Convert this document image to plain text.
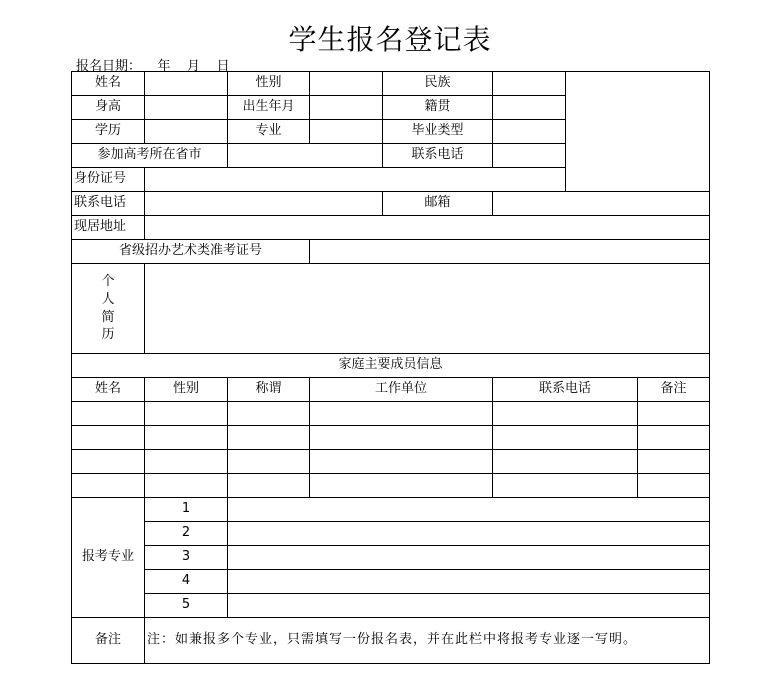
学生报名登记表
报名日期：    年    月    日
姓名		性别		民族			
身高		出生年月		籍贯			
学历		专业		毕业类型			
参加高考所在省市				联系电话			
身份证号							
联系电话				邮箱			
现居地址							
省级招办艺术类准考证号							
个
人
简
历							
家庭主要成员信息							
姓名	性别	称谓	工作单位		联系电话		备注

报考专业	1						
	2						
	3						
	4						
	5						
备注	注：如兼报多个专业，只需填写一份报名表，并在此栏中将报考专业逐一写明。						
